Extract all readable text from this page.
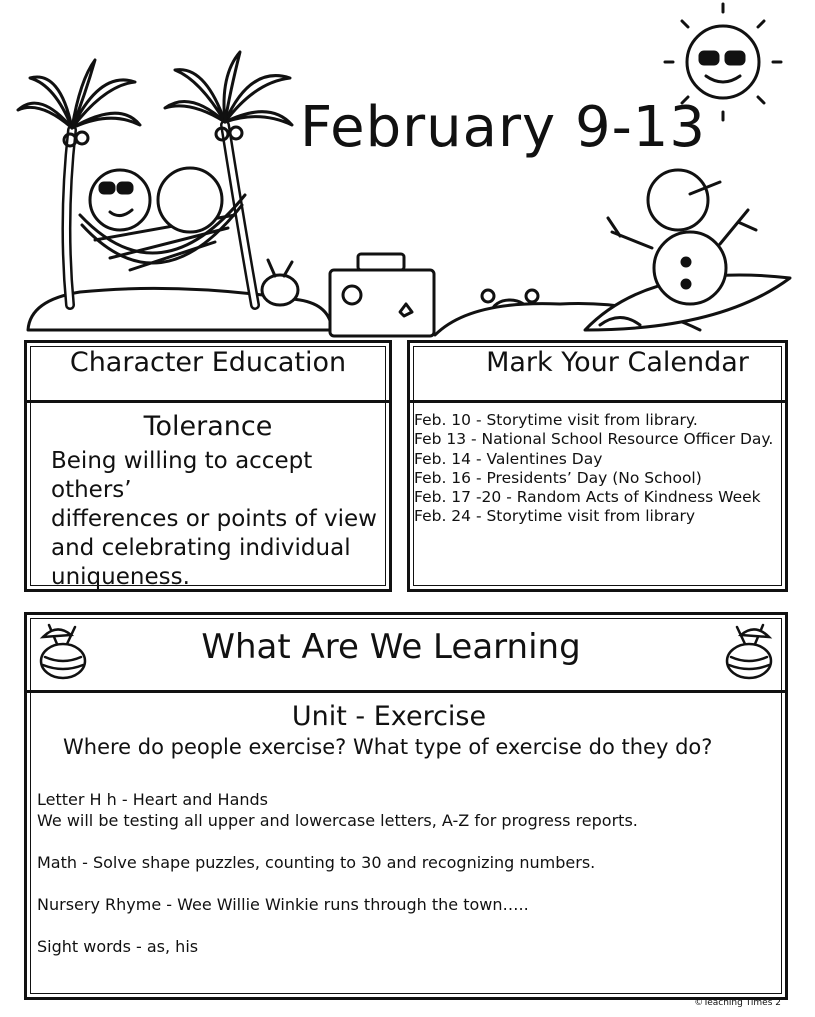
February 9-13
Character Education
Tolerance
Being willing to accept others’
differences or points of view
and celebrating individual
uniqueness.
Mark Your Calendar
Feb. 10 - Storytime visit from library.
Feb 13 - National School Resource Officer Day.
Feb. 14 - Valentines Day
Feb. 16 - Presidents’ Day (No School)
Feb. 17 -20 - Random Acts of Kindness Week
Feb. 24 - Storytime visit from library
What Are We Learning
Unit - Exercise
Where do people exercise? What type of exercise do they do?
Letter H h - Heart and Hands
We will be testing all upper and lowercase letters, A-Z for progress reports.
Math - Solve shape puzzles, counting to 30 and recognizing numbers.
Nursery Rhyme - Wee Willie Winkie runs through the town…..
Sight words - as, his
©Teaching Times 2
